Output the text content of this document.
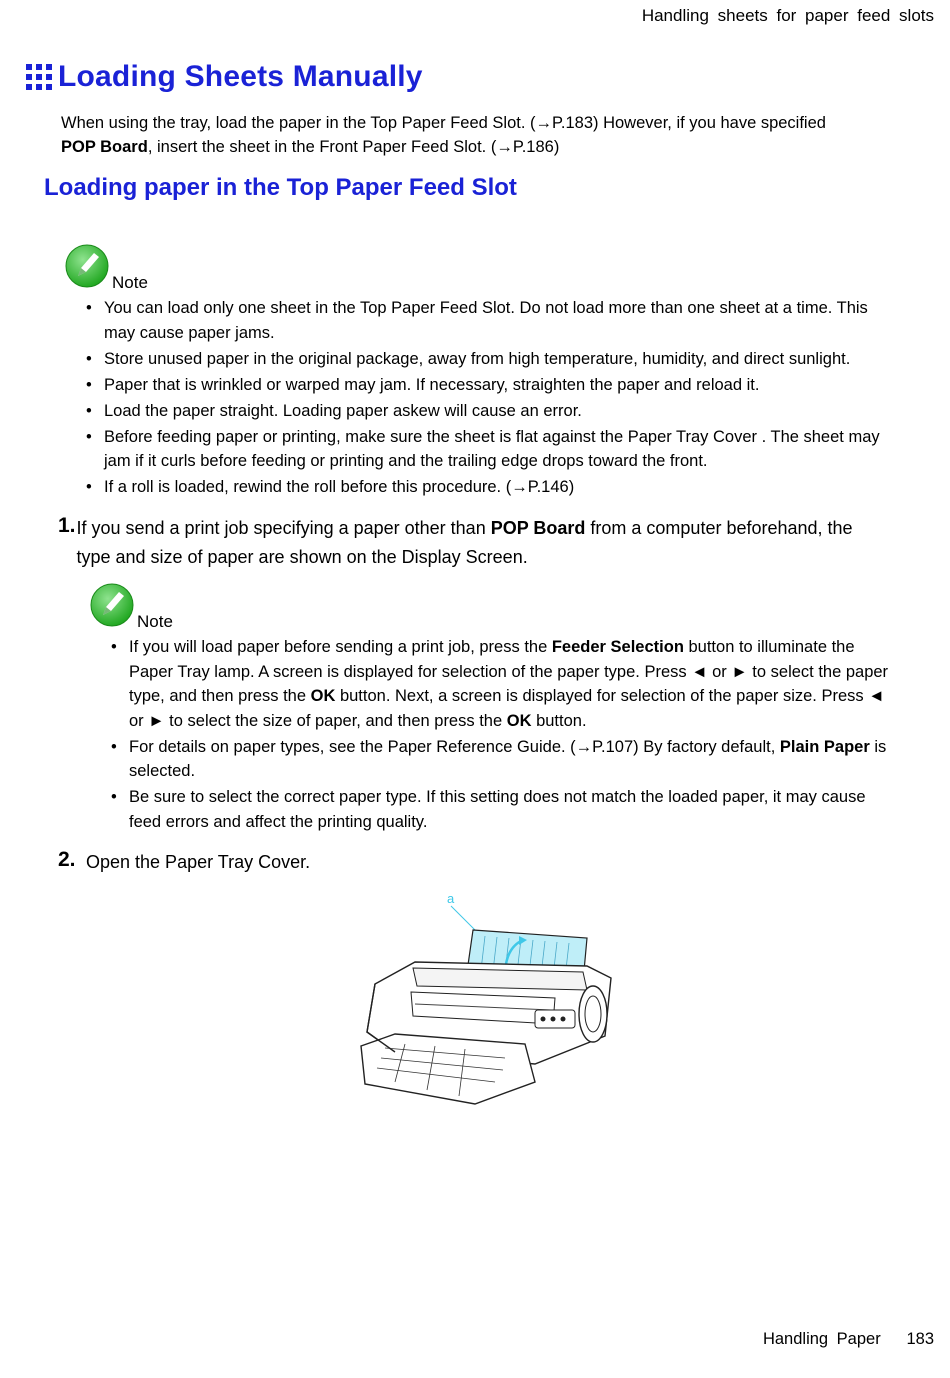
Handling sheets for paper feed slots
Loading Sheets Manually
When using the tray, load the paper in the Top Paper Feed Slot. (→P.183) However, if you have specified
POP Board, insert the sheet in the Front Paper Feed Slot. (→P.186)
Loading paper in the Top Paper Feed Slot
Note
• You can load only one sheet in the Top Paper Feed Slot. Do not load more than one sheet at a time. This may cause paper jams.
• Store unused paper in the original package, away from high temperature, humidity, and direct sunlight.
• Paper that is wrinkled or warped may jam. If necessary, straighten the paper and reload it.
• Load the paper straight. Loading paper askew will cause an error.
• Before feeding paper or printing, make sure the sheet is flat against the Paper Tray Cover . The sheet may jam if it curls before feeding or printing and the trailing edge drops toward the front.
• If a roll is loaded, rewind the roll before this procedure. (→P.146)
1. If you send a print job specifying a paper other than POP Board from a computer beforehand, the type and size of paper are shown on the Display Screen.
Note
• If you will load paper before sending a print job, press the Feeder Selection button to illuminate the Paper Tray lamp. A screen is displayed for selection of the paper type. Press ◄ or ► to select the paper type, and then press the OK button. Next, a screen is displayed for selection of the paper size. Press ◄ or ► to select the size of paper, and then press the OK button.
• For details on paper types, see the Paper Reference Guide. (→P.107) By factory default, Plain Paper is selected.
• Be sure to select the correct paper type. If this setting does not match the loaded paper, it may cause feed errors and affect the printing quality.
2. Open the Paper Tray Cover.
a
Handling Paper 183
